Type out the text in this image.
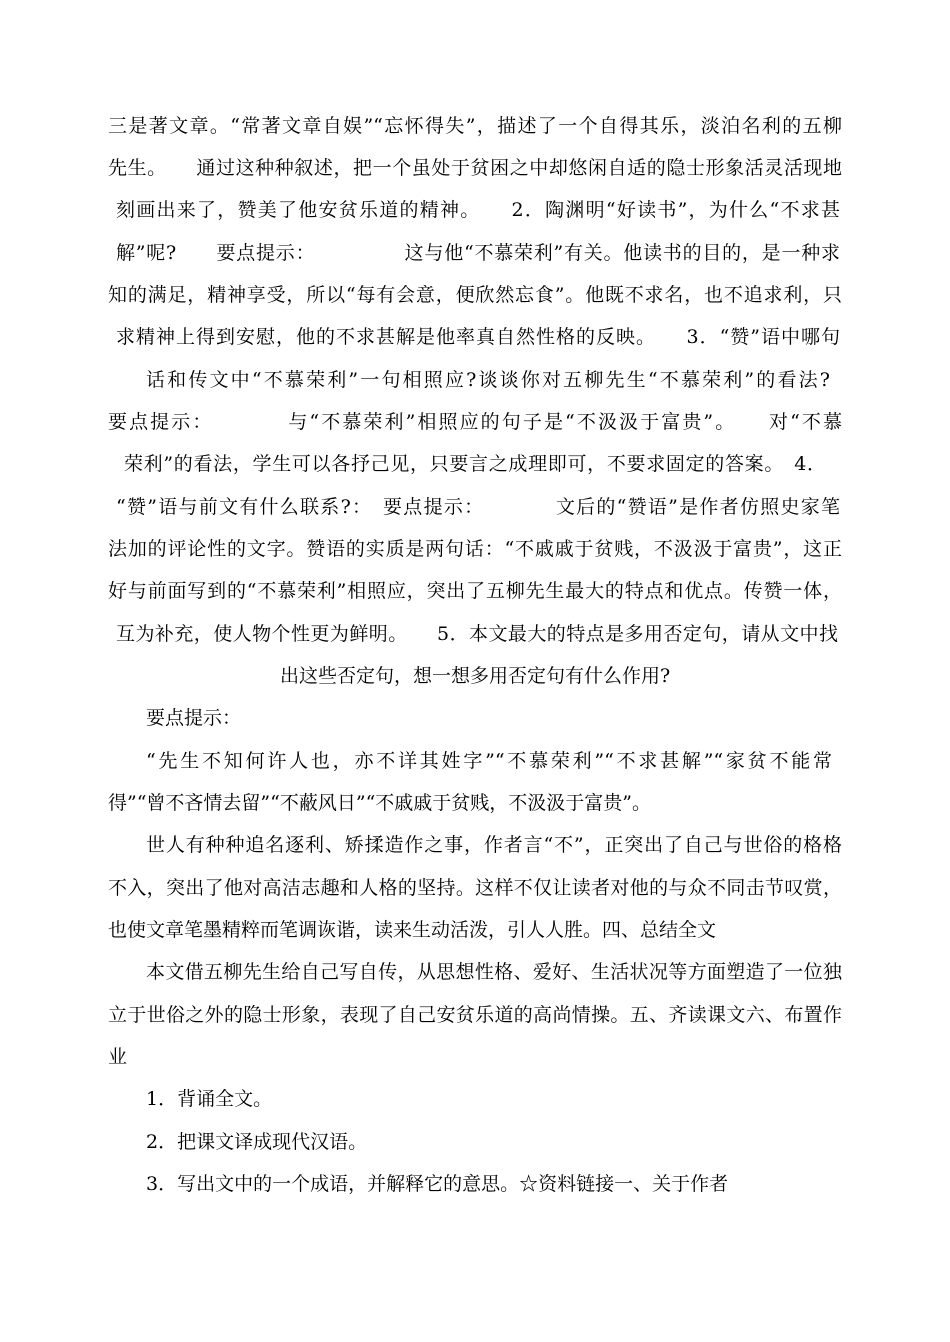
三是著文章。“常著文章自娱”“忘怀得失”，描述了一个自得其乐，淡泊名利的五柳
先生。　　通过这种种叙述，把一个虽处于贫困之中却悠闲自适的隐士形象活灵活现地
刻画出来了，赞美了他安贫乐道的精神。　　2．陶渊明“好读书”，为什么“不求甚
解”呢?　　要点提示：　　　　　这与他“不慕荣利”有关。他读书的目的，是一种求
知的满足，精神享受，所以“每有会意，便欣然忘食”。他既不求名，也不追求利，只
求精神上得到安慰，他的不求甚解是他率真自然性格的反映。　　3．“赞”语中哪句
话和传文中“不慕荣利”一句相照应?谈谈你对五柳先生“不慕荣利”的看法?
要点提示：　　　　与“不慕荣利”相照应的句子是“不汲汲于富贵”。　　对“不慕
荣利”的看法，学生可以各抒己见，只要言之成理即可，不要求固定的答案。　4．
“赞”语与前文有什么联系?：　要点提示：　　　　文后的“赞语”是作者仿照史家笔
法加的评论性的文字。赞语的实质是两句话：“不戚戚于贫贱，不汲汲于富贵”，这正
好与前面写到的“不慕荣利”相照应，突出了五柳先生最大的特点和优点。传赞一体，
互为补充，使人物个性更为鲜明。　　5．本文最大的特点是多用否定句，请从文中找
出这些否定句，想一想多用否定句有什么作用?
要点提示：
“先生不知何许人也，亦不详其姓字”“不慕荣利”“不求甚解”“家贫不能常
得”“曾不吝情去留”“不蔽风日”“不戚戚于贫贱，不汲汲于富贵”。
世人有种种追名逐利、矫揉造作之事，作者言“不”，正突出了自己与世俗的格格
不入，突出了他对高洁志趣和人格的坚持。这样不仅让读者对他的与众不同击节叹赏，
也使文章笔墨精粹而笔调诙谐，读来生动活泼，引人人胜。四、总结全文
本文借五柳先生给自己写自传，从思想性格、爱好、生活状况等方面塑造了一位独
立于世俗之外的隐士形象，表现了自己安贫乐道的高尚情操。五、齐读课文六、布置作
业
1．背诵全文。
2．把课文译成现代汉语。
3．写出文中的一个成语，并解释它的意思。☆资料链接一、关于作者
